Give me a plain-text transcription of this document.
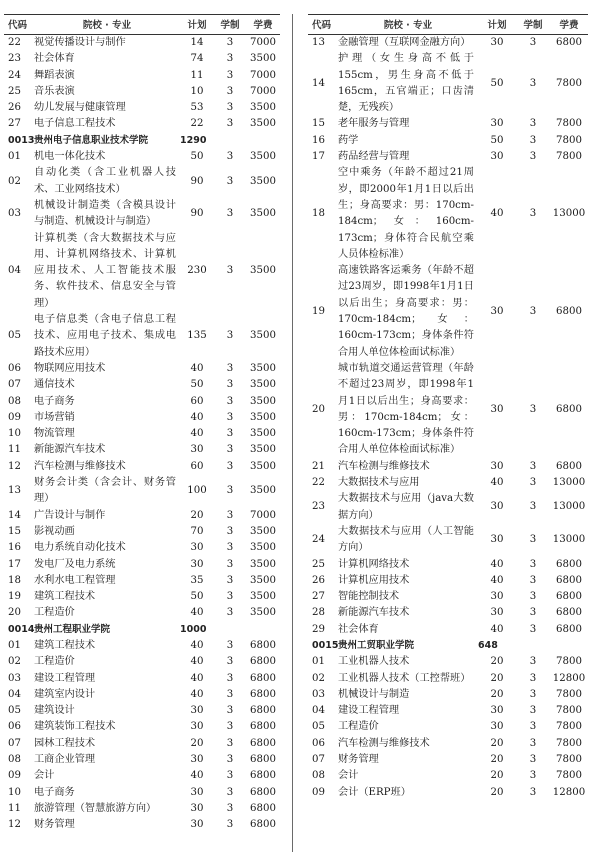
代码	院校 · 专业	计划	学制	学费
22	视觉传播设计与制作	14	3	7000
23	社会体育	74	3	3500
24	舞蹈表演	11	3	7000
25	音乐表演	10	3	7000
26	幼儿发展与健康管理	53	3	3500
27	电子信息工程技术	22	3	3500
0013	贵州电子信息职业技术学院	1290		
01	机电一体化技术	50	3	3500
02	自动化类（含工业机器人技术、工业网络技术）	90	3	3500
03	机械设计制造类（含模具设计与制造、机械设计与制造）	90	3	3500
04	计算机类（含大数据技术与应用、计算机网络技术、计算机应用技术、人工智能技术服务、软件技术、信息安全与管理）	230	3	3500
05	电子信息类（含电子信息工程技术、应用电子技术、集成电路技术应用）	135	3	3500
06	物联网应用技术	40	3	3500
07	通信技术	50	3	3500
08	电子商务	60	3	3500
09	市场营销	40	3	3500
10	物流管理	40	3	3500
11	新能源汽车技术	30	3	3500
12	汽车检测与维修技术	60	3	3500
13	财务会计类（含会计、财务管理）	100	3	3500
14	广告设计与制作	20	3	7000
15	影视动画	70	3	3500
16	电力系统自动化技术	30	3	3500
17	发电厂及电力系统	30	3	3500
18	水利水电工程管理	35	3	3500
19	建筑工程技术	50	3	3500
20	工程造价	40	3	3500
0014	贵州工程职业学院	1000		
01	建筑工程技术	40	3	6800
02	工程造价	40	3	6800
03	建设工程管理	40	3	6800
04	建筑室内设计	40	3	6800
05	建筑设计	30	3	6800
06	建筑装饰工程技术	30	3	6800
07	园林工程技术	20	3	6800
08	工商企业管理	30	3	6800
09	会计	40	3	6800
10	电子商务	30	3	6800
11	旅游管理（智慧旅游方向）	30	3	6800
12	财务管理	30	3	6800
代码	院校 · 专业	计划	学制	学费
13	金融管理（互联网金融方向）	30	3	6800
14	护理（女生身高不低于155cm，男生身高不低于165cm，五官端正；口齿清楚，无残疾）	50	3	7800
15	老年服务与管理	30	3	7800
16	药学	50	3	7800
17	药品经营与管理	30	3	7800
18	空中乘务（年龄不超过21周岁，即2000年1月1日以后出生；身高要求：男：170cm-184cm；女：160cm-173cm；身体符合民航空乘人员体检标准）	40	3	13000
19	高速铁路客运乘务（年龄不超过23周岁，即1998年1月1日以后出生；身高要求：男：170cm-184cm；女：160cm-173cm；身体条件符合用人单位体检面试标准）	30	3	6800
20	城市轨道交通运营管理（年龄不超过23周岁，即1998年1月1日以后出生；身高要求：男：170cm-184cm；女：160cm-173cm；身体条件符合用人单位体检面试标准）	30	3	6800
21	汽车检测与维修技术	30	3	6800
22	大数据技术与应用	40	3	13000
23	大数据技术与应用（java大数据方向）	30	3	13000
24	大数据技术与应用（人工智能方向）	30	3	13000
25	计算机网络技术	40	3	6800
26	计算机应用技术	40	3	6800
27	智能控制技术	30	3	6800
28	新能源汽车技术	30	3	6800
29	社会体育	40	3	6800
0015	贵州工贸职业学院	648		
01	工业机器人技术	20	3	7800
02	工业机器人技术（工控帮班）	20	3	12800
03	机械设计与制造	20	3	7800
04	建设工程管理	30	3	7800
05	工程造价	30	3	7800
06	汽车检测与维修技术	20	3	7800
07	财务管理	20	3	7800
08	会计	20	3	7800
09	会计（ERP班）	20	3	12800
